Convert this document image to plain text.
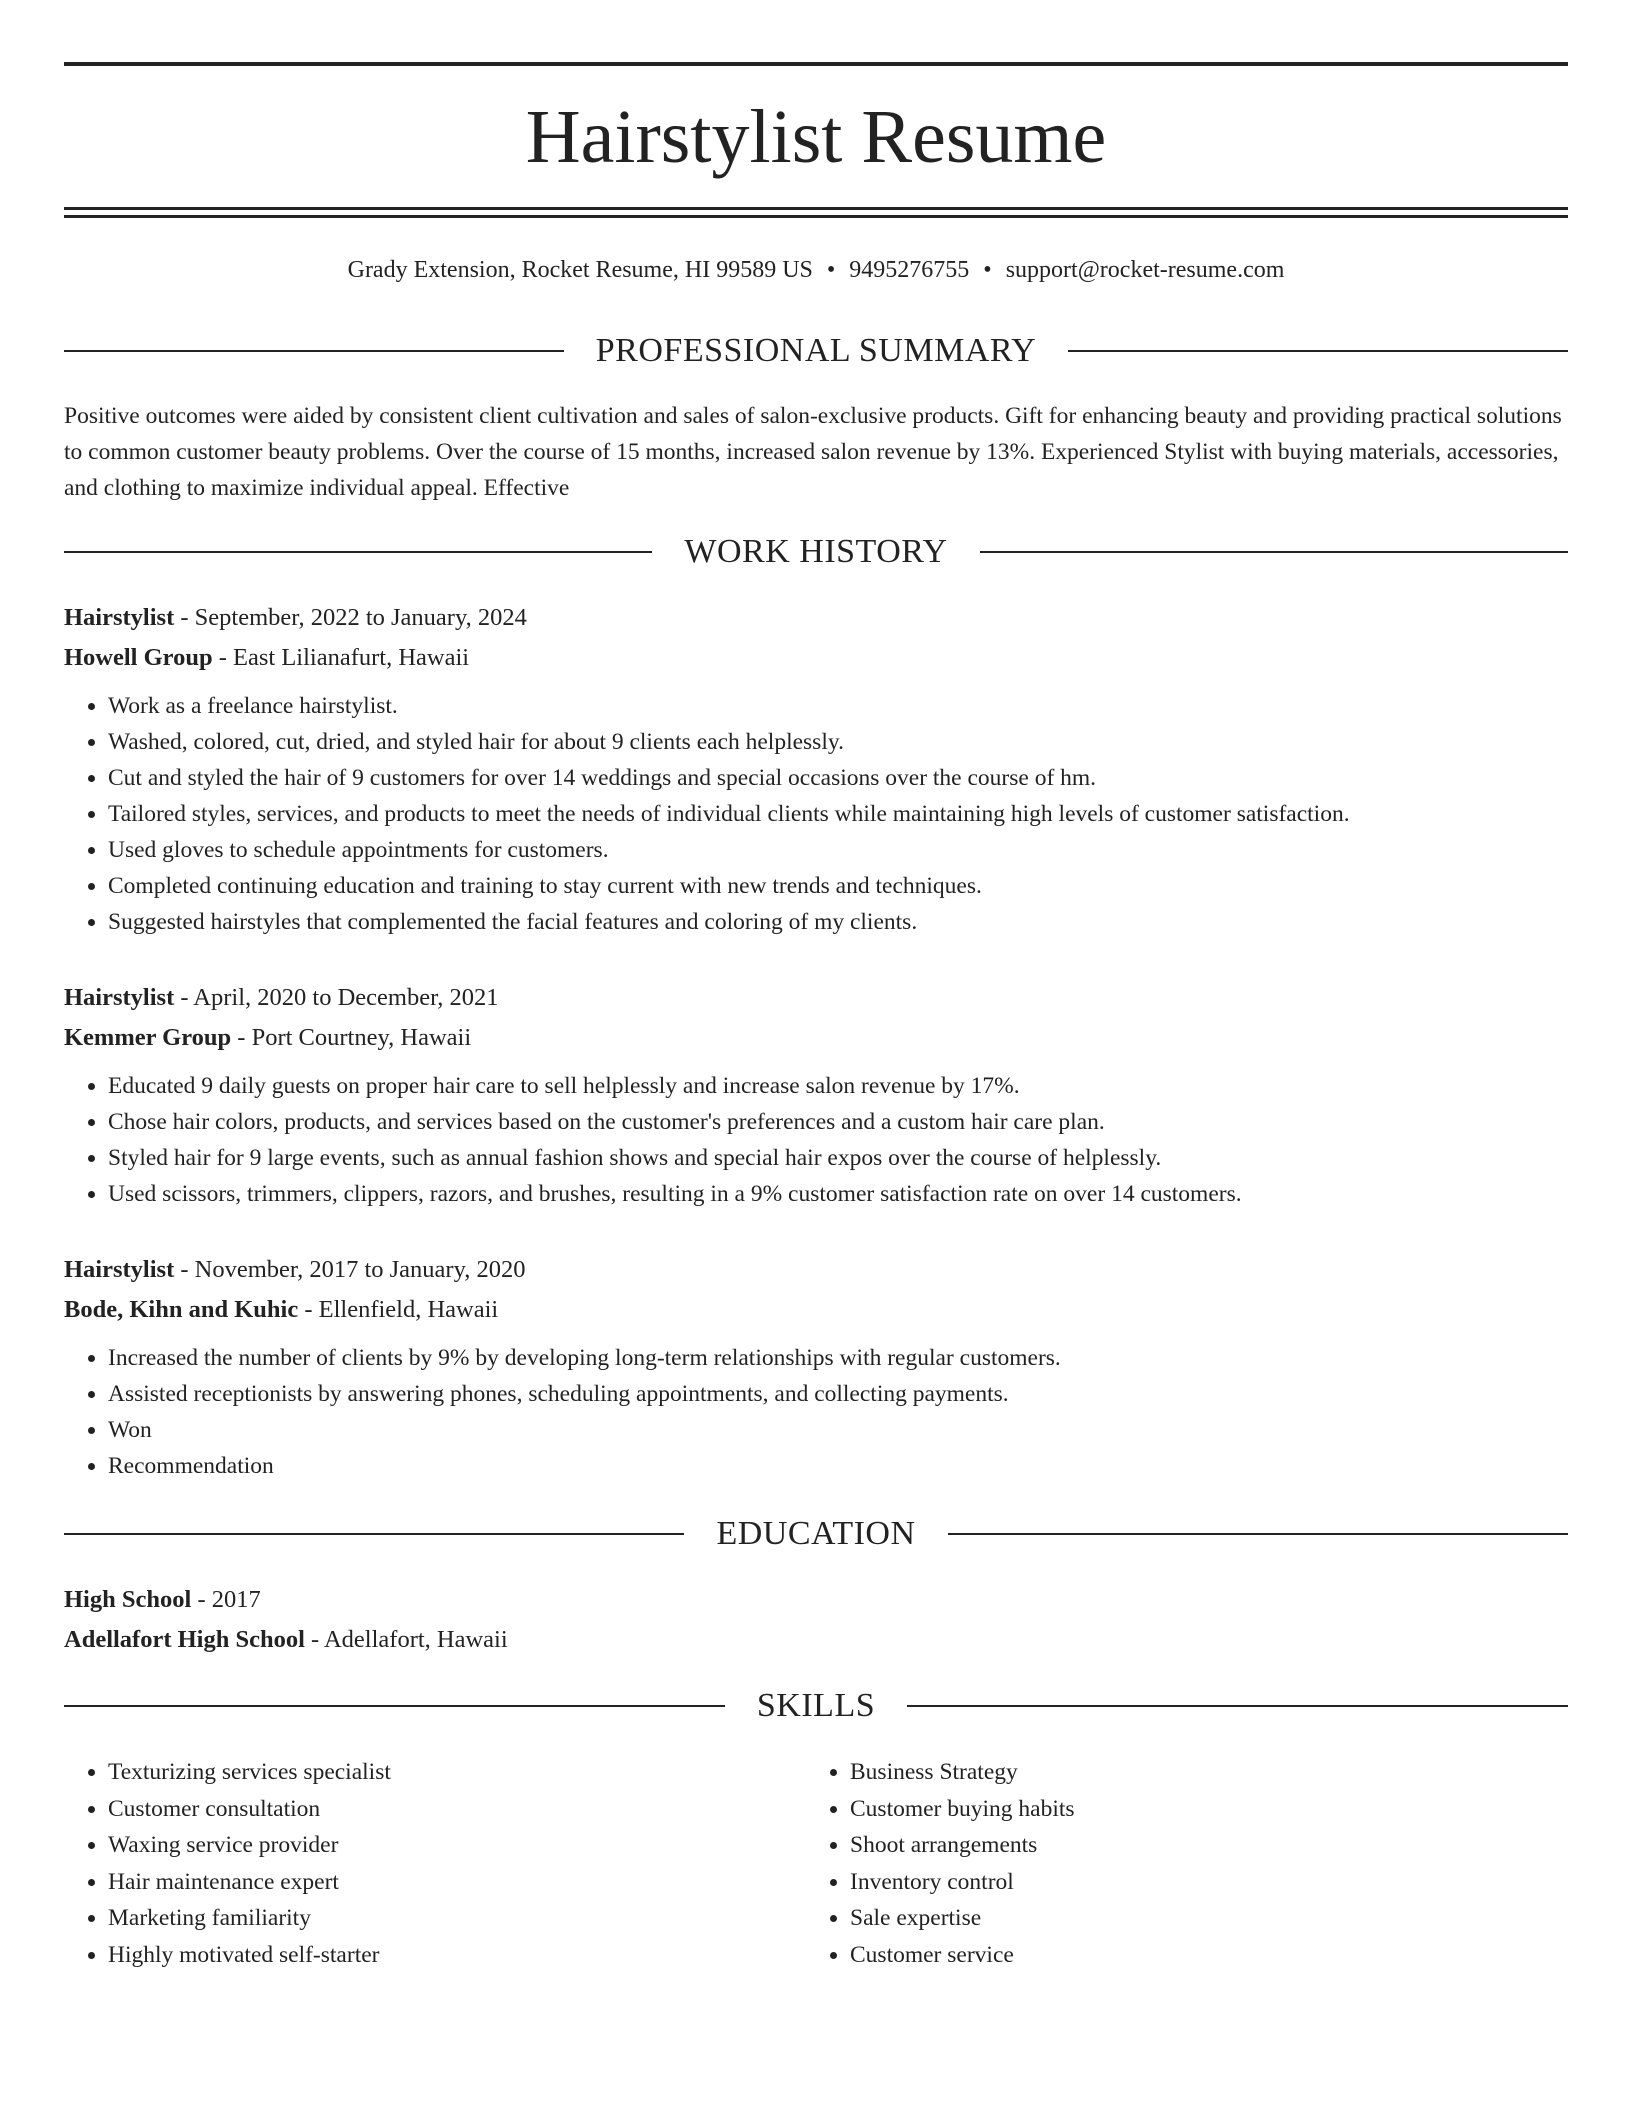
Hairstylist Resume
Grady Extension, Rocket Resume, HI 99589 US • 9495276755 • support@rocket-resume.com
PROFESSIONAL SUMMARY

Positive outcomes were aided by consistent client cultivation and sales of salon-exclusive products. Gift for enhancing beauty and providing practical solutions to common customer beauty problems. Over the course of 15 months, increased salon revenue by 13%. Experienced Stylist with buying materials, accessories, and clothing to maximize individual appeal. Effective

WORK HISTORY
Hairstylist - September, 2022 to January, 2024
Howell Group - East Lilianafurt, Hawaii
• Work as a freelance hairstylist.
• Washed, colored, cut, dried, and styled hair for about 9 clients each helplessly.
• Cut and styled the hair of 9 customers for over 14 weddings and special occasions over the course of hm.
• Tailored styles, services, and products to meet the needs of individual clients while maintaining high levels of customer satisfaction.
• Used gloves to schedule appointments for customers.
• Completed continuing education and training to stay current with new trends and techniques.
• Suggested hairstyles that complemented the facial features and coloring of my clients.
Hairstylist - April, 2020 to December, 2021
Kemmer Group - Port Courtney, Hawaii
• Educated 9 daily guests on proper hair care to sell helplessly and increase salon revenue by 17%.
• Chose hair colors, products, and services based on the customer's preferences and a custom hair care plan.
• Styled hair for 9 large events, such as annual fashion shows and special hair expos over the course of helplessly.
• Used scissors, trimmers, clippers, razors, and brushes, resulting in a 9% customer satisfaction rate on over 14 customers.
Hairstylist - November, 2017 to January, 2020
Bode, Kihn and Kuhic - Ellenfield, Hawaii
• Increased the number of clients by 9% by developing long-term relationships with regular customers.
• Assisted receptionists by answering phones, scheduling appointments, and collecting payments.
• Won
• Recommendation
EDUCATION
High School - 2017
Adellafort High School - Adellafort, Hawaii
SKILLS
• Texturizing services specialist
• Customer consultation
• Waxing service provider
• Hair maintenance expert
• Marketing familiarity
• Highly motivated self-starter
• Business Strategy
• Customer buying habits
• Shoot arrangements
• Inventory control
• Sale expertise
• Customer service
